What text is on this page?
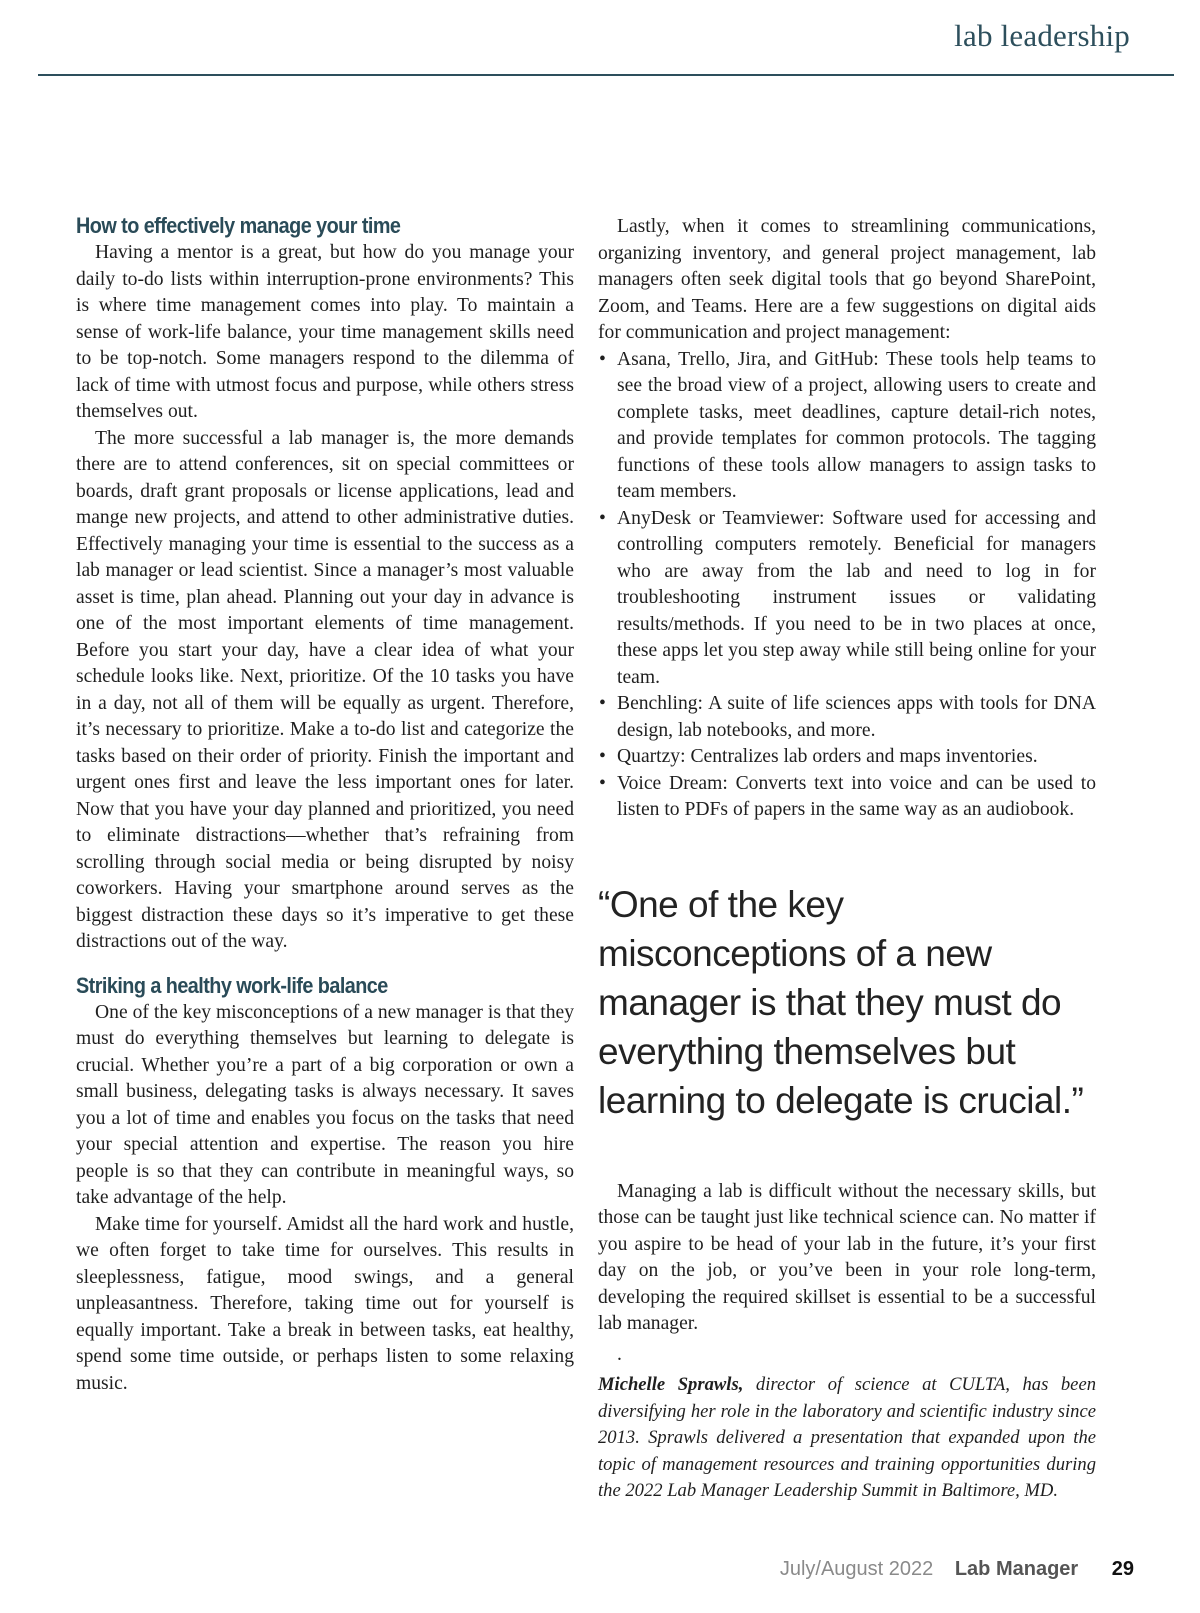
lab leadership
How to effectively manage your time

Having a mentor is a great, but how do you manage your daily to-do lists within interruption-prone environments? This is where time management comes into play. To maintain a sense of work-life balance, your time management skills need to be top-notch. Some managers respond to the dilemma of lack of time with utmost focus and purpose, while others stress themselves out.

The more successful a lab manager is, the more demands there are to attend conferences, sit on special committees or boards, draft grant proposals or license applications, lead and mange new projects, and attend to other administrative duties. Effectively managing your time is essential to the success as a lab manager or lead scientist. Since a manager’s most valuable asset is time, plan ahead. Planning out your day in advance is one of the most important elements of time management. Before you start your day, have a clear idea of what your schedule looks like. Next, prioritize. Of the 10 tasks you have in a day, not all of them will be equally as urgent. Therefore, it’s necessary to prioritize. Make a to-do list and categorize the tasks based on their order of priority. Finish the important and urgent ones first and leave the less important ones for later. Now that you have your day planned and prioritized, you need to eliminate distractions—whether that’s refraining from scrolling through social media or being disrupted by noisy coworkers. Having your smartphone around serves as the biggest distraction these days so it’s imperative to get these distractions out of the way.

Striking a healthy work-life balance

One of the key misconceptions of a new manager is that they must do everything themselves but learning to delegate is crucial. Whether you’re a part of a big corporation or own a small business, delegating tasks is always necessary. It saves you a lot of time and enables you focus on the tasks that need your special attention and expertise. The reason you hire people is so that they can contribute in meaningful ways, so take advantage of the help.

Make time for yourself. Amidst all the hard work and hustle, we often forget to take time for ourselves. This results in sleeplessness, fatigue, mood swings, and a general unpleasantness. Therefore, taking time out for yourself is equally important. Take a break in between tasks, eat healthy, spend some time outside, or perhaps listen to some relaxing music.

Lastly, when it comes to streamlining communications, organizing inventory, and general project management, lab managers often seek digital tools that go beyond SharePoint, Zoom, and Teams. Here are a few suggestions on digital aids for communication and project management:

• Asana, Trello, Jira, and GitHub: These tools help teams to see the broad view of a project, allowing users to create and complete tasks, meet deadlines, capture detail-rich notes, and provide templates for common protocols. The tagging functions of these tools allow managers to assign tasks to team members.
• AnyDesk or Teamviewer: Software used for accessing and controlling computers remotely. Beneficial for managers who are away from the lab and need to log in for troubleshooting instrument issues or validating results/methods. If you need to be in two places at once, these apps let you step away while still being online for your team.
• Benchling: A suite of life sciences apps with tools for DNA design, lab notebooks, and more.
• Quartzy: Centralizes lab orders and maps inventories.
• Voice Dream: Converts text into voice and can be used to listen to PDFs of papers in the same way as an audiobook.
“One of the key misconceptions of a new manager is that they must do everything themselves but learning to delegate is crucial.”

Managing a lab is difficult without the necessary skills, but those can be taught just like technical science can. No matter if you aspire to be head of your lab in the future, it’s your first day on the job, or you’ve been in your role long-term, developing the required skillset is essential to be a successful lab manager.

.

Michelle Sprawls, director of science at CULTA, has been diversifying her role in the laboratory and scientific industry since 2013. Sprawls delivered a presentation that expanded upon the topic of management resources and training opportunities during the 2022 Lab Manager Leadership Summit in Baltimore, MD.

July/August 2022 Lab Manager 29
